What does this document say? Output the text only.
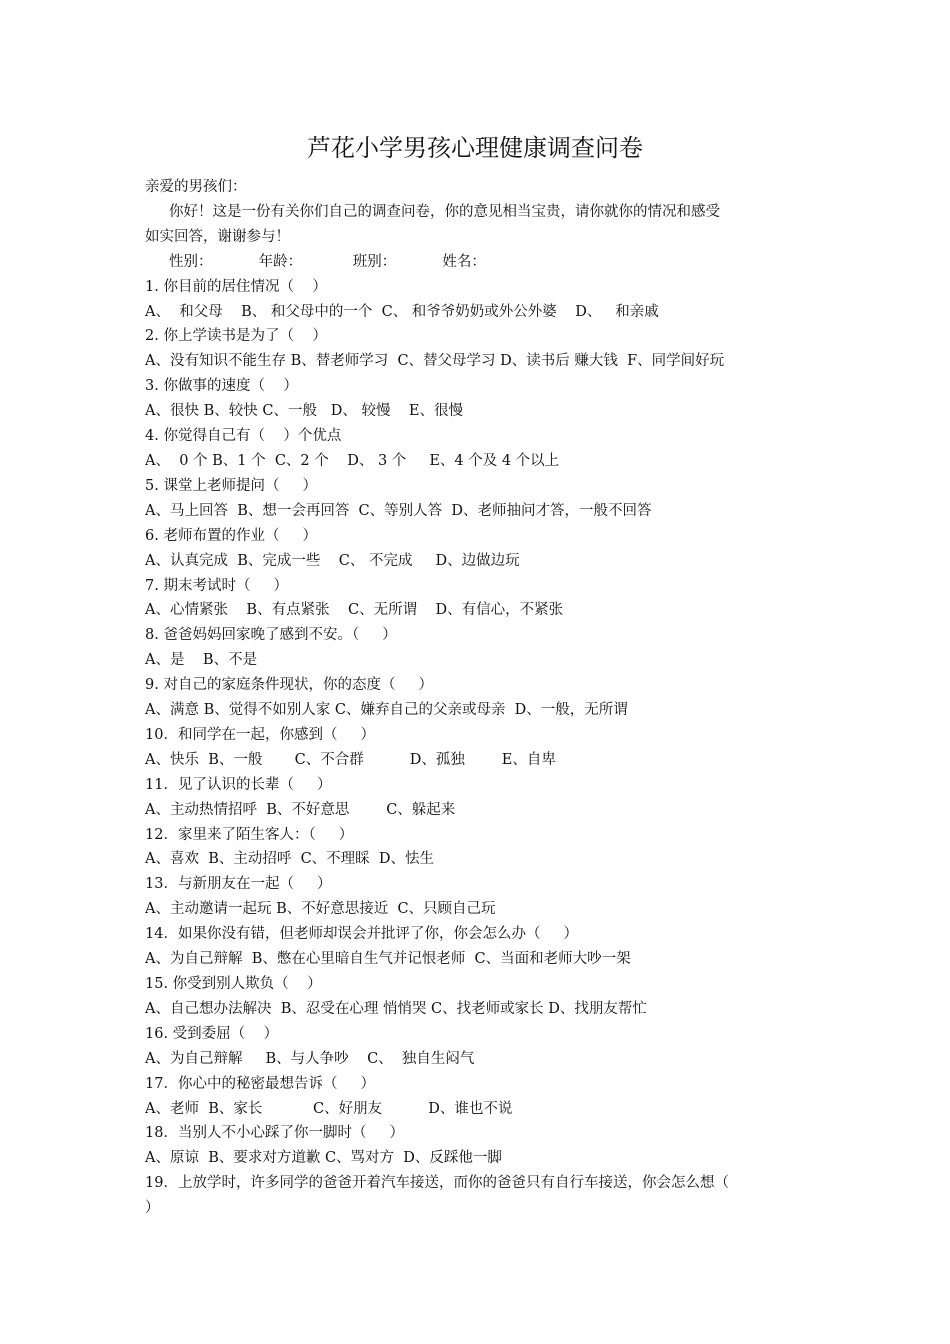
芦花小学男孩心理健康调查问卷
亲爱的男孩们：
你好！这是一份有关你们自己的调查问卷，你的意见相当宝贵，请你就你的情况和感受
如实回答，谢谢参与！
性别：          年龄：           班别：          姓名：
1. 你目前的居住情况（    ）
A、  和父母    B、 和父母中的一个  C、 和爷爷奶奶或外公外婆    D、   和亲戚
2. 你上学读书是为了（    ）
A、没有知识不能生存 B、替老师学习  C、替父母学习 D、读书后 赚大钱  F、同学间好玩
3. 你做事的速度（    ）
A、很快 B、较快 C、一般   D、 较慢    E、很慢
4. 你觉得自己有（    ）个优点
A、  0 个 B、1 个  C、2 个    D、 3 个     E、4 个及 4 个以上
5. 课堂上老师提问（     ）
A、马上回答  B、想一会再回答  C、等别人答  D、老师抽问才答，一般不回答
6. 老师布置的作业（     ）
A、认真完成  B、完成一些    C、 不完成     D、边做边玩
7. 期末考试时（     ）
A、心情紧张    B、有点紧张    C、无所谓    D、有信心，不紧张
8. 爸爸妈妈回家晚了感到不安。（     ）
A、是    B、不是
9. 对自己的家庭条件现状，你的态度（     ）
A、满意 B、觉得不如别人家 C、嫌弃自己的父亲或母亲  D、一般，无所谓
10．和同学在一起，你感到（     ）
A、快乐  B、一般       C、不合群          D、孤独        E、自卑
11．见了认识的长辈（     ）
A、主动热情招呼  B、不好意思        C、躲起来
12．家里来了陌生客人：（     ）
A、喜欢  B、主动招呼  C、不理睬  D、怯生
13．与新朋友在一起（     ）
A、主动邀请一起玩 B、不好意思接近  C、只顾自己玩
14．如果你没有错，但老师却误会并批评了你，你会怎么办（     ）
A、为自己辩解  B、憋在心里暗自生气并记恨老师  C、当面和老师大吵一架
15. 你受到别人欺负（    ）
A、自己想办法解决  B、忍受在心理 悄悄哭 C、找老师或家长 D、找朋友帮忙
16. 受到委屈（    ）
A、为自己辩解     B、与人争吵    C、  独自生闷气
17．你心中的秘密最想告诉（     ）
A、老师  B、家长           C、好朋友          D、谁也不说
18．当别人不小心踩了你一脚时（     ）
A、原谅  B、要求对方道歉 C、骂对方  D、反踩他一脚
19．上放学时，许多同学的爸爸开着汽车接送，而你的爸爸只有自行车接送，你会怎么想（
）
